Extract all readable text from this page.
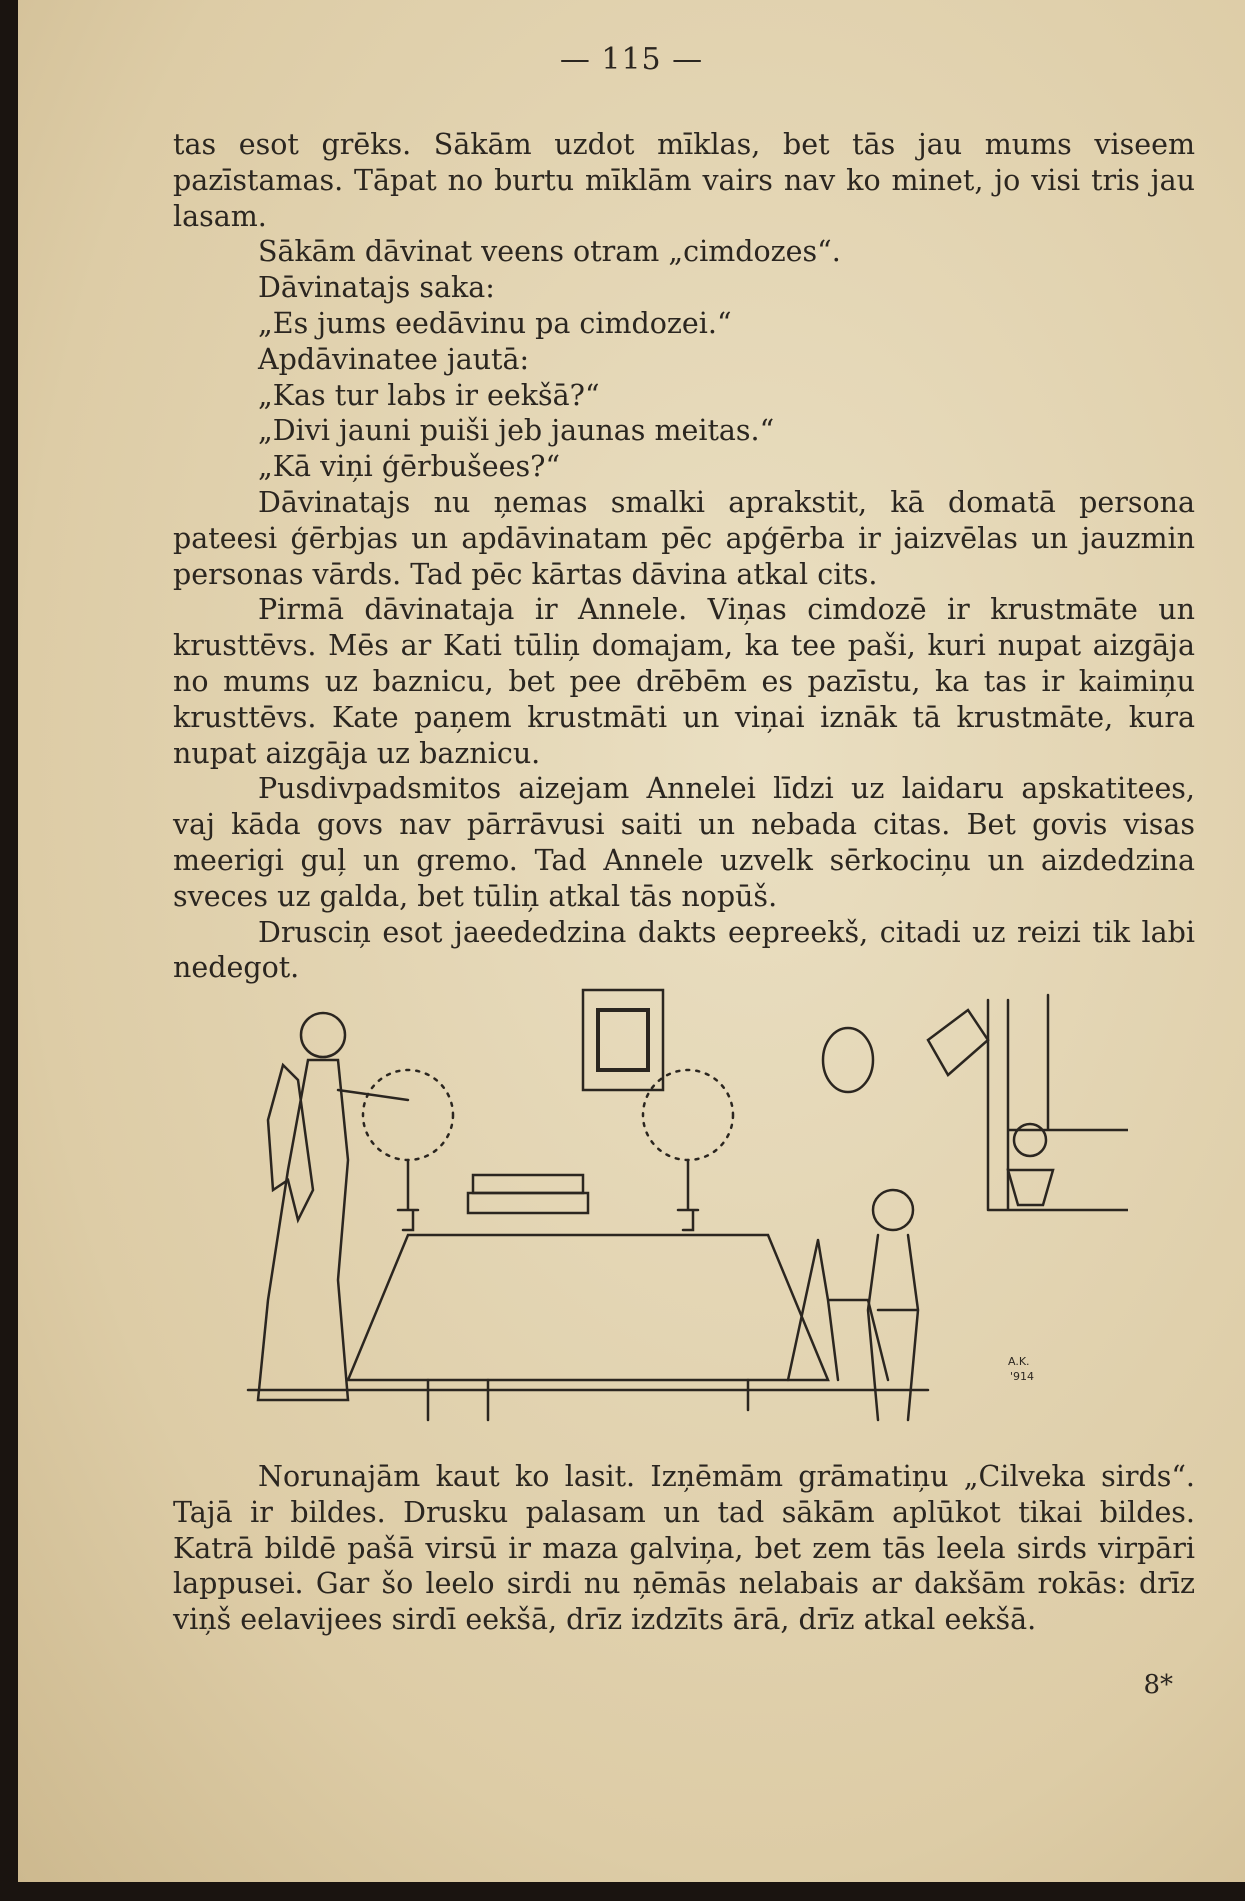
— 115 —

tas esot grēks. Sākām uzdot mīklas, bet tās jau mums viseem pazīstamas. Tāpat no burtu mīklām vairs nav ko minet, jo visi tris jau lasam.

Sākām dāvinat veens otram „cimdozes“.

Dāvinatajs saka:

„Es jums eedāvinu pa cimdozei.“

Apdāvinatee jautā:

„Kas tur labs ir eekšā?“

„Divi jauni puiši jeb jaunas meitas.“

„Kā viņi ģērbušees?“

Dāvinatajs nu ņemas smalki aprakstit, kā domatā persona pateesi ģērbjas un apdāvinatam pēc apģērba ir jaizvēlas un jauzmin personas vārds. Tad pēc kārtas dāvina atkal cits.

Pirmā dāvinataja ir Annele. Viņas cimdozē ir krustmāte un krusttēvs. Mēs ar Kati tūliņ domajam, ka tee paši, kuri nupat aizgāja no mums uz baznicu, bet pee drēbēm es pazīstu, ka tas ir kaimiņu krusttēvs. Kate paņem krustmāti un viņai iznāk tā krustmāte, kura nupat aizgāja uz baznicu.

Pusdivpadsmitos aizejam Annelei līdzi uz laidaru apskatitees, vaj kāda govs nav pārrāvusi saiti un nebada citas. Bet govis visas meerigi guļ un gremo. Tad Annele uzvelk sērkociņu un aizdedzina sveces uz galda, bet tūliņ atkal tās nopūš.

Drusciņ esot jaeededzina dakts eepreekš, citadi uz reizi tik labi nedegot.

A.K.
'914

Norunajām kaut ko lasit. Izņēmām grāmatiņu „Cilveka sirds“. Tajā ir bildes. Drusku palasam un tad sākām aplūkot tikai bildes. Katrā bildē pašā virsū ir maza galviņa, bet zem tās leela sirds virpāri lappusei. Gar šo leelo sirdi nu ņēmās nelabais ar dakšām rokās: drīz viņš eelavijees sirdī eekšā, drīz izdzīts ārā, drīz atkal eekšā.

8*
